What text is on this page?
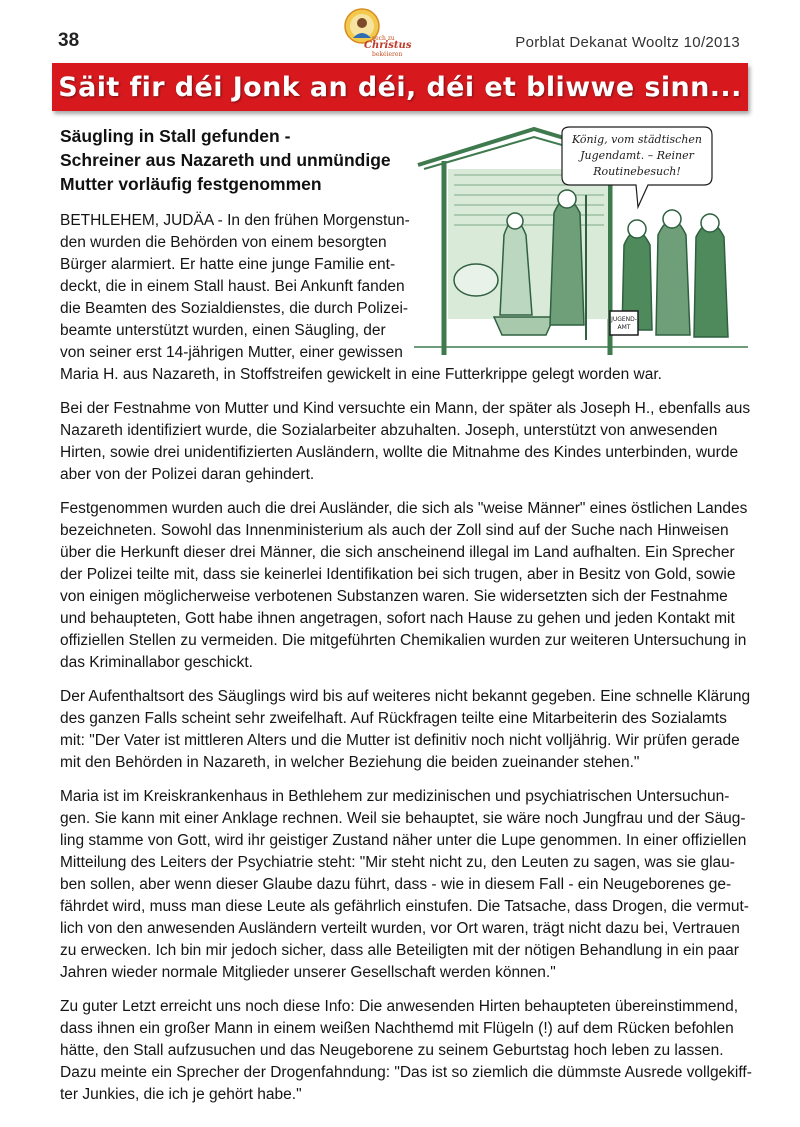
38	sech zu
Christus
bekéieren
Porblat Dekanat Wooltz 10/2013
Säit fir déi Jonk an déi, déi et bliwwe sinn...
Säugling in Stall gefunden -
Schreiner aus Nazareth und unmündige
Mutter vorläufig festgenommen
JUGEND-
AMT
König, vom städtischen
Jugendamt. – Reiner
Routinebesuch!
BETHLEHEM, JUDÄA - In den frühen Morgenstun-
den wurden die Behörden von einem besorgten
Bürger alarmiert. Er hatte eine junge Familie ent-
deckt, die in einem Stall haust. Bei Ankunft fanden
die Beamten des Sozialdienstes, die durch Polizei-
beamte unterstützt wurden, einen Säugling, der
von seiner erst 14-jährigen Mutter, einer gewissen
Maria H. aus Nazareth, in Stoffstreifen gewickelt in eine Futterkrippe gelegt worden war.
Bei der Festnahme von Mutter und Kind versuchte ein Mann, der später als Joseph H., ebenfalls aus
Nazareth identifiziert wurde, die Sozialarbeiter abzuhalten. Joseph, unterstützt von anwesenden
Hirten, sowie drei unidentifizierten Ausländern, wollte die Mitnahme des Kindes unterbinden, wurde
aber von der Polizei daran gehindert.
Festgenommen wurden auch die drei Ausländer, die sich als "weise Männer" eines östlichen Landes
bezeichneten. Sowohl das Innenministerium als auch der Zoll sind auf der Suche nach Hinweisen
über die Herkunft dieser drei Männer, die sich anscheinend illegal im Land aufhalten. Ein Sprecher
der Polizei teilte mit, dass sie keinerlei Identifikation bei sich trugen, aber in Besitz von Gold, sowie
von einigen möglicherweise verbotenen Substanzen waren. Sie widersetzten sich der Festnahme
und behaupteten, Gott habe ihnen angetragen, sofort nach Hause zu gehen und jeden Kontakt mit
offiziellen Stellen zu vermeiden. Die mitgeführten Chemikalien wurden zur weiteren Untersuchung in
das Kriminallabor geschickt.
Der Aufenthaltsort des Säuglings wird bis auf weiteres nicht bekannt gegeben. Eine schnelle Klärung
des ganzen Falls scheint sehr zweifelhaft. Auf Rückfragen teilte eine Mitarbeiterin des Sozialamts
mit: "Der Vater ist mittleren Alters und die Mutter ist definitiv noch nicht volljährig. Wir prüfen gerade
mit den Behörden in Nazareth, in welcher Beziehung die beiden zueinander stehen."
Maria ist im Kreiskrankenhaus in Bethlehem zur medizinischen und psychiatrischen Untersuchun-
gen. Sie kann mit einer Anklage rechnen. Weil sie behauptet, sie wäre noch Jungfrau und der Säug-
ling stamme von Gott, wird ihr geistiger Zustand näher unter die Lupe genommen. In einer offiziellen
Mitteilung des Leiters der Psychiatrie steht: "Mir steht nicht zu, den Leuten zu sagen, was sie glau-
ben sollen, aber wenn dieser Glaube dazu führt, dass - wie in diesem Fall - ein Neugeborenes ge-
fährdet wird, muss man diese Leute als gefährlich einstufen. Die Tatsache, dass Drogen, die vermut-
lich von den anwesenden Ausländern verteilt wurden, vor Ort waren, trägt nicht dazu bei, Vertrauen
zu erwecken. Ich bin mir jedoch sicher, dass alle Beteiligten mit der nötigen Behandlung in ein paar
Jahren wieder normale Mitglieder unserer Gesellschaft werden können."
Zu guter Letzt erreicht uns noch diese Info: Die anwesenden Hirten behaupteten übereinstimmend,
dass ihnen ein großer Mann in einem weißen Nachthemd mit Flügeln (!) auf dem Rücken befohlen
hätte, den Stall aufzusuchen und das Neugeborene zu seinem Geburtstag hoch leben zu lassen.
Dazu meinte ein Sprecher der Drogenfahndung: "Das ist so ziemlich die dümmste Ausrede vollgekiff-
ter Junkies, die ich je gehört habe."
